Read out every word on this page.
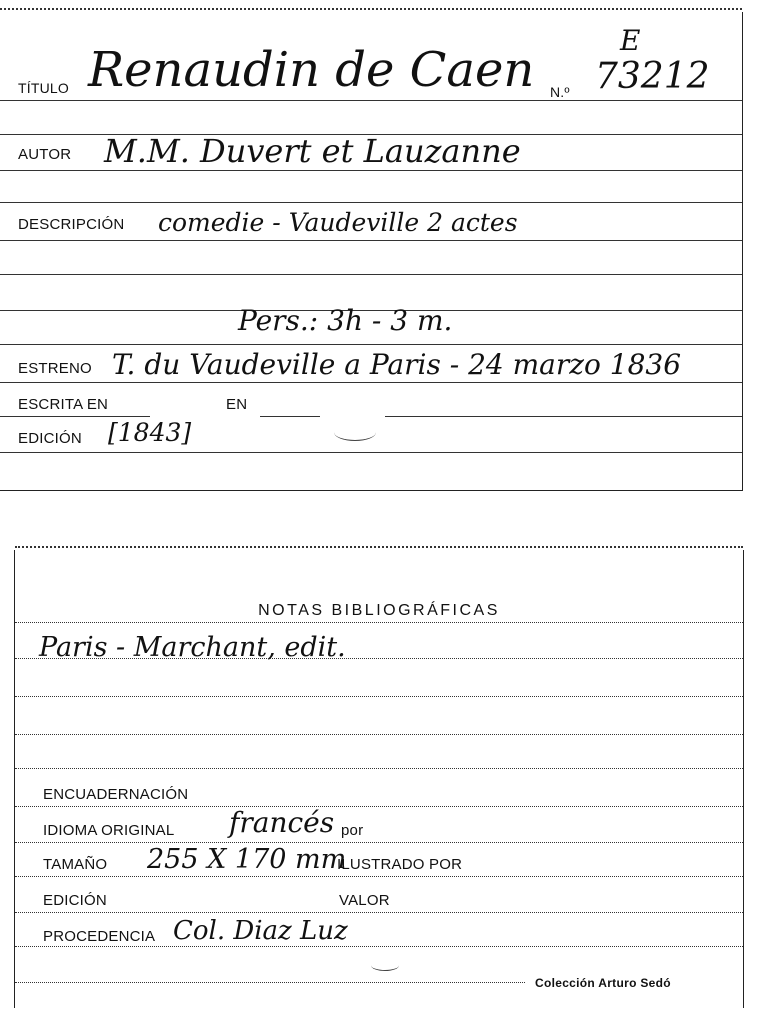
E
TÍTULO Renaudin de Caen N.º 73212
AUTOR M.M. Duvert et Lauzanne
DESCRIPCIÓN comedie - Vaudeville 2 actes
Pers.: 3h - 3 m.
ESTRENO T. du Vaudeville a Paris - 24 marzo 1836
ESCRITA EN	EN
EDICIÓN [1843]
NOTAS BIBLIOGRÁFICAS
Paris - Marchant, edit.
ENCUADERNACIÓN
IDIOMA ORIGINAL francés por
TAMAÑO 255 X 170 mm
ILUSTRADO POR
EDICIÓN	VALOR
PROCEDENCIA Col. Diaz Luz
Colección Arturo Sedó
